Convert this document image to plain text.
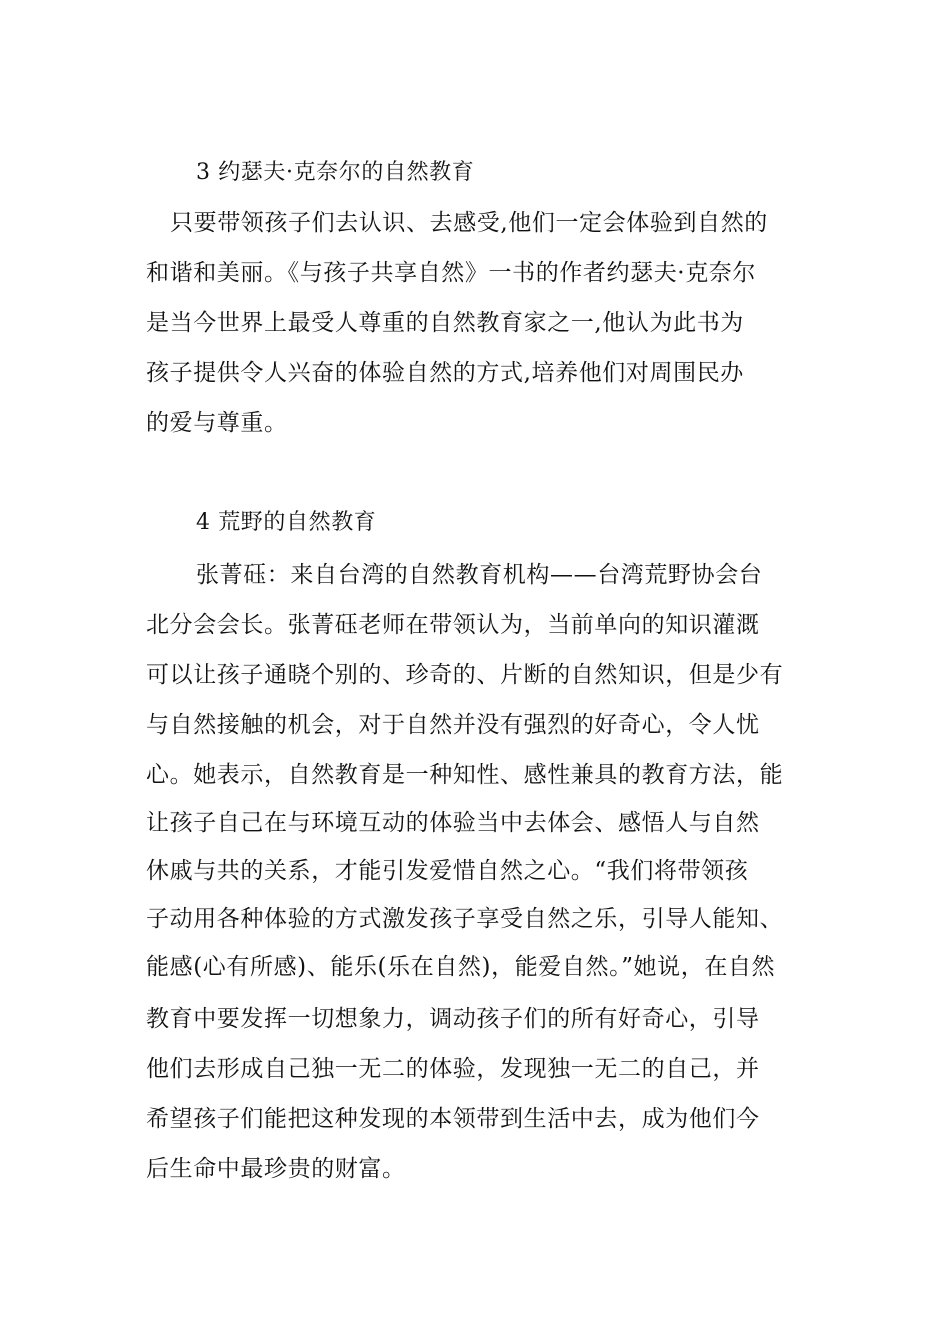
3 约瑟夫·克奈尔的自然教育
只要带领孩子们去认识、去感受,他们一定会体验到自然的
和谐和美丽。《与孩子共享自然》一书的作者约瑟夫·克奈尔
是当今世界上最受人尊重的自然教育家之一,他认为此书为
孩子提供令人兴奋的体验自然的方式,培养他们对周围民办
的爱与尊重。
4 荒野的自然教育
张菁砡：来自台湾的自然教育机构——台湾荒野协会台
北分会会长。张菁砡老师在带领认为，当前单向的知识灌溉
可以让孩子通晓个别的、珍奇的、片断的自然知识，但是少有
与自然接触的机会，对于自然并没有强烈的好奇心，令人忧
心。她表示，自然教育是一种知性、感性兼具的教育方法，能
让孩子自己在与环境互动的体验当中去体会、感悟人与自然
休戚与共的关系，才能引发爱惜自然之心。“我们将带领孩
子动用各种体验的方式激发孩子享受自然之乐，引导人能知、
能感(心有所感)、能乐(乐在自然)，能爱自然。”她说，在自然
教育中要发挥一切想象力，调动孩子们的所有好奇心，引导
他们去形成自己独一无二的体验，发现独一无二的自己，并
希望孩子们能把这种发现的本领带到生活中去，成为他们今
后生命中最珍贵的财富。
